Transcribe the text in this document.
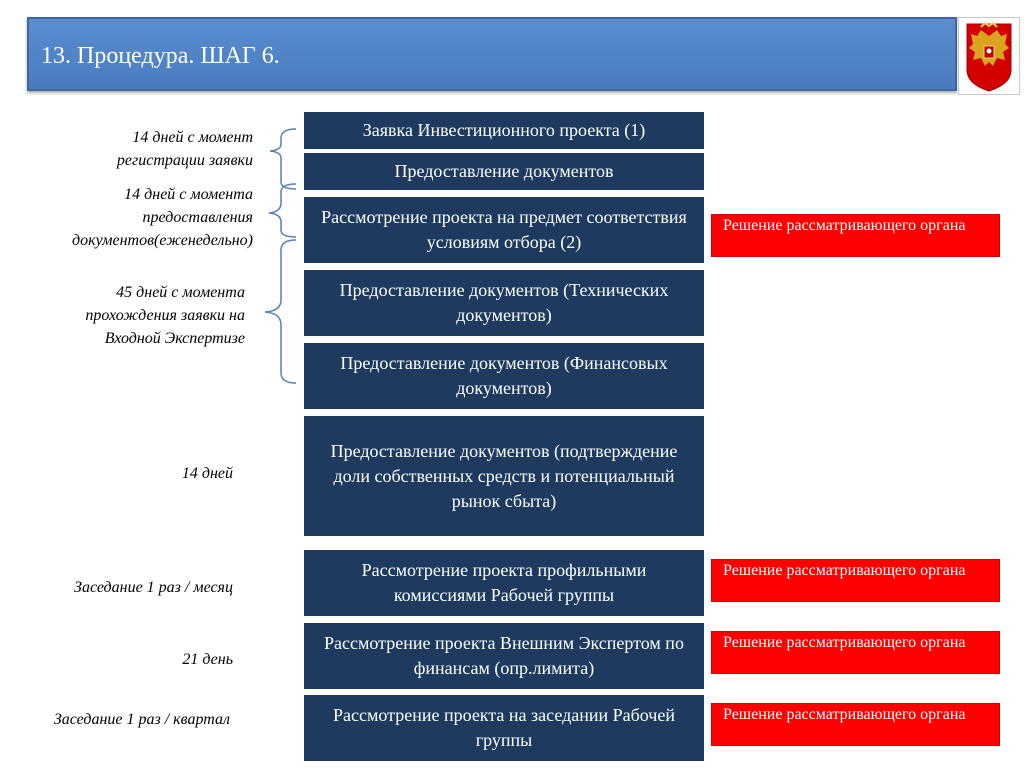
13. Процедура. ШАГ 6.
14 дней с момент регистрации заявки
14 дней с момента предоставления документов(еженедельно)
45 дней с момента прохождения заявки на Входной Экспертизе
14 дней
Заседание 1 раз / месяц
21 день
Заседание 1 раз / квартал
Заявка Инвестиционного проекта (1)
Предоставление документов
Рассмотрение проекта на предмет соответствия условиям отбора (2)
Предоставление документов (Технических документов)
Предоставление документов (Финансовых документов)
Предоставление документов (подтверждение доли собственных средств и потенциальный рынок сбыта)
Рассмотрение проекта профильными комиссиями Рабочей группы
Рассмотрение проекта Внешним Экспертом по финансам (опр.лимита)
Рассмотрение проекта на заседании Рабочей группы
Решение рассматривающего органа
Решение рассматривающего органа
Решение рассматривающего органа
Решение рассматривающего органа
